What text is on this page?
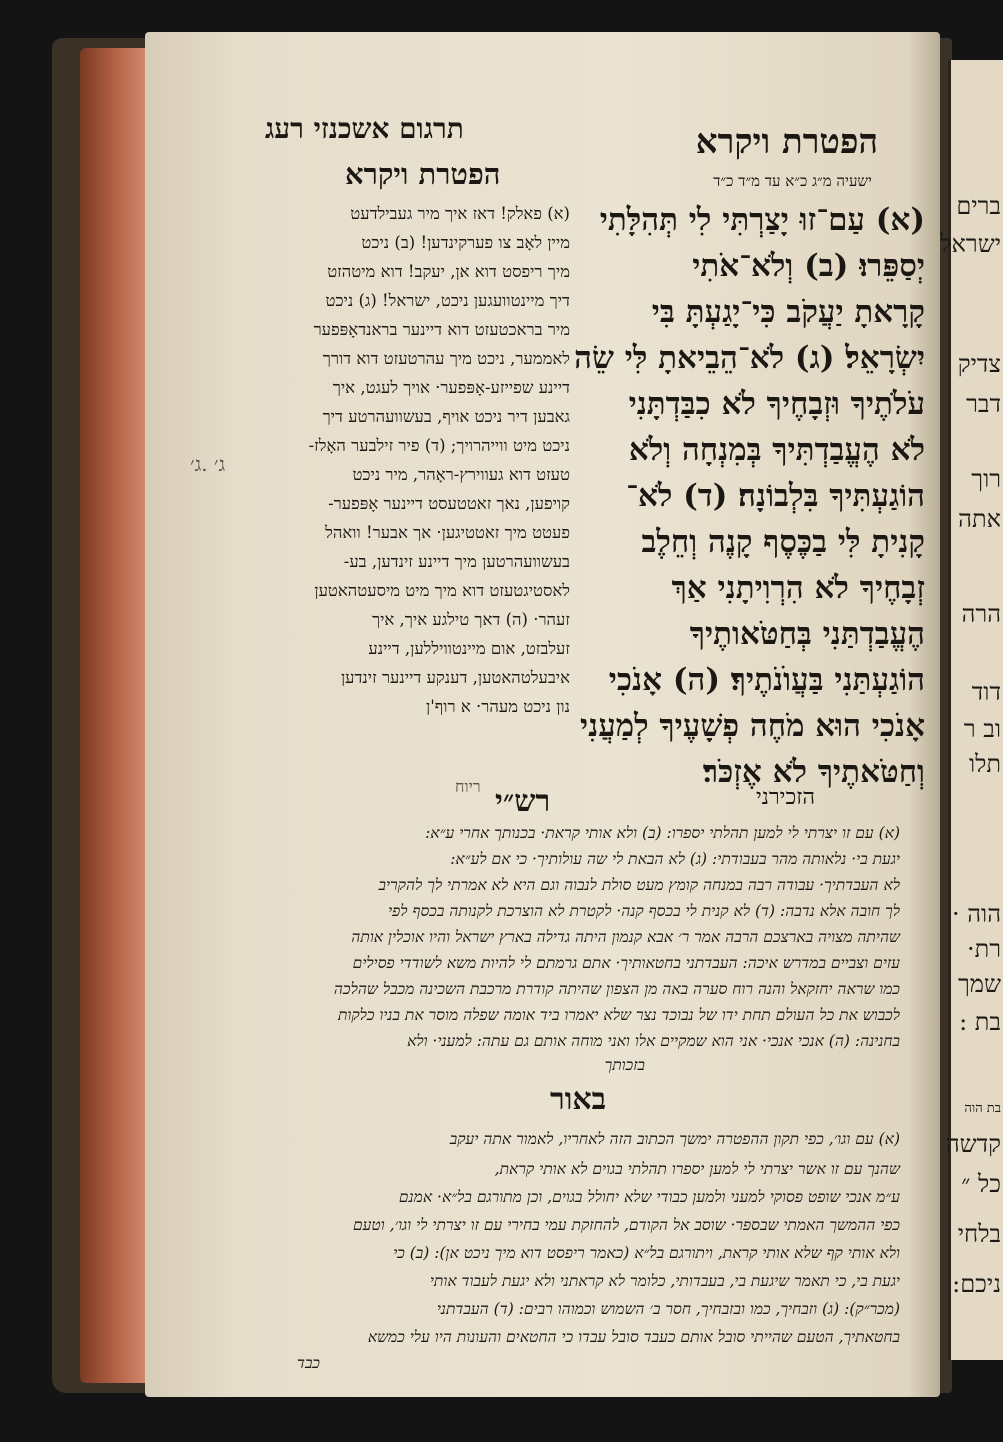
הפטרת ויקרא
תרגום אשכנזי רעג
הפטרת ויקרא	ישעיה מ״ג כ״א עד מ״ד כ״ד
(א) עַם־זוּ יָצַרְתִּי לִי תְּהִלָּתִי
יְסַפֵּרוּ׃ (ב) וְלֹא־אֹתִי
קָרָאתָ יַעֲקֹב כִּי־יָגַעְתָּ בִּי
יִשְׂרָאֵל׃ (ג) לֹא־הֵבֵיאתָ לִּי שֵׂה
עֹלֹתֶיךָ וּזְבָחֶיךָ לֹא כִבַּדְתָּנִי
לֹא הֶעֱבַדְתִּיךָ בְּמִנְחָה וְלֹא
הוֹגַעְתִּיךָ בִּלְבוֹנָה׃ (ד) לֹא־
קָנִיתָ לִּי בַכֶּסֶף קָנֶה וְחֵלֶב
זְבָחֶיךָ לֹא הִרְוִיתָנִי אַךְ
הֶעֱבַדְתַּנִי בְּחַטֹּאותֶיךָ
הוֹגַעְתַּנִי בַּעֲוֺנֹתֶיךָ׃ (ה) אָנֹכִי
אָנֹכִי הוּא מֹחֶה פְשָׁעֶיךָ לְמַעֲנִי
וְחַטֹּאתֶיךָ לֹא אֶזְכֹּר׃
הזכירני
(א) פאלק! דאז איך מיר געבילדעט
מיין לאָב צו פערקינדען! (ב) ניכט
מיך ריפסט דוא אן, יעקב! דוא מיטהזט
דיך מיינטוועגען ניכט, ישראל! (ג) ניכט
מיר בראכטעזט דוא דיינער בראנדאָפּפער
לאממער, ניכט מיך עהרטעזט דוא דורך
דיינע שפייזע-אָפּפער· אויך לעגט, איך
גאבען דיר ניכט אויף, בעשוועהרטע דיך
ניכט מיט ווייהרויך; (ד) פיר זילבער האָלז-
טעזט דוא געווירץ-ראָהר, מיר ניכט
קויפען, נאך זאטטעסט דיינער אָפּפער-
פעטט מיך זאטטיגען· אך אבער! וואהל
בעשוועהרטען מיך דיינע זינדען, בע-
לאסטיגטעזט דוא מיך מיט מיסעטהאטען
זעהר· (ה) דאך טילגע איך, איך
זעלבזט, אום מיינטוויללען, דיינע
איבעלטהאטען, דענקע דיינער זינדען
נון ניכט מעהר· א רוף'ן
ג׳ .ג׳
ריוח רש״י
(א) עם זו יצרתי לי למען תהלתי יספרו: (ב) ולא אותי קראת· בכנותך אחרי ע״א:
יגעת בי· נלאותה מהר בעבודתי: (ג) לא הבאת לי שה עולותיך· כי אם לע״א:
לא העבדתיך· עבודה רבה במנחה קומץ מעט סולת לנבוה וגם היא לא אמרתי לך להקריב
לך חובה אלא נדבה: (ד) לא קנית לי בכסף קנה· לקטרת לא הוצרכת לקנותה בכסף לפי
שהיתה מצויה בארצכם הרבה אמר ר׳ אבא קנמון היתה גדילה בארץ ישראל והיו אוכלין אותה
עזים וצביים במדרש איכה: העבדתני בחטאותיך· אתם גרמתם לי להיות משא לשודדי פסילים
כמו שראה יחזקאל והנה רוח סערה באה מן הצפון שהיתה קודרת מרכבת השכינה מכבל שהלכה
לכבוש את כל העולם תחת ידו של נבוכד נצר שלא יאמרו ביד אומה שפלה מוסר את בניו כלקות
בחנינה: (ה) אנכי אנכי· אני הוא שמקיים אלו ואני מוחה אותם גם עתה: למעני· ולא
בזכותך
באור
(א) עם וגו׳, כפי תקון ההפטרה ימשך הכתוב הזה לאחריו, לאמור אתה יעקב
שהנך עם זו אשר יצרתי לי למען יספרו תהלתי בגוים לא אותי קראת,
ע״מ אנכי שופט פסוקי למעני ולמען כבודי שלא יחולל בגוים, וכן מתורגם בל״א· אמנם
כפי ההמשך האמתי שבספר· שוסב אל הקודם, להחזקת עמי בחירי עם זו יצרתי לי וגו׳, וטעם
ולא אותי קף שלא אותי קראת, ויתורגם בל״א (כאמר ריפסט דוא מיך ניכט אן): (ב) כי
יגעת בי, כי תאמר שיגעת בי, בעבדותי, כלומר לא קראתני ולא יגעת לעבוד אותי
(מכר״ק): (ג) וזבחיך, כמו ובזבחיך, חסר ב׳ השמוש וכמוהו רבים: (ד) העבדתני
בחטאתיך, הטעם שהייתי סובל אותם כעבד סובל עבדו כי החטאים והעונות היו עלי כמשא
כבד
ברים
ישראל
צדיק
דבר
רוך
אתה
הרה
דוד
וב ר
תלו
הוה ·
רת·
שמך
בת :
בת הוה
קדשה
כל ״
בלחי
ניכם:
